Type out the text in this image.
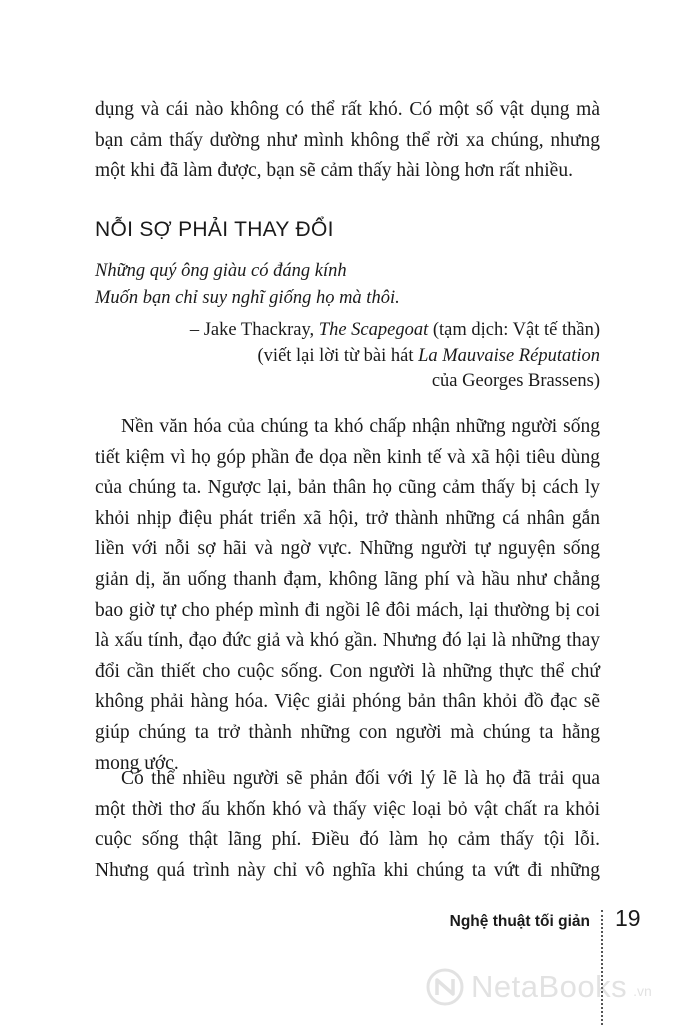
dụng và cái nào không có thể rất khó. Có một số vật dụng mà
bạn cảm thấy dường như mình không thể rời xa chúng, nhưng
một khi đã làm được, bạn sẽ cảm thấy hài lòng hơn rất nhiều.
NỖI SỢ PHẢI THAY ĐỔI
Những quý ông giàu có đáng kính
Muốn bạn chỉ suy nghĩ giống họ mà thôi.
– Jake Thackray, The Scapegoat (tạm dịch: Vật tế thần)
(viết lại lời từ bài hát La Mauvaise Réputation
của Georges Brassens)
Nền văn hóa của chúng ta khó chấp nhận những người sống
tiết kiệm vì họ góp phần đe dọa nền kinh tế và xã hội tiêu dùng
của chúng ta. Ngược lại, bản thân họ cũng cảm thấy bị cách ly
khỏi nhịp điệu phát triển xã hội, trở thành những cá nhân gắn
liền với nỗi sợ hãi và ngờ vực. Những người tự nguyện sống
giản dị, ăn uống thanh đạm, không lãng phí và hầu như chẳng
bao giờ tự cho phép mình đi ngồi lê đôi mách, lại thường bị coi
là xấu tính, đạo đức giả và khó gần. Nhưng đó lại là những thay
đổi cần thiết cho cuộc sống. Con người là những thực thể chứ
không phải hàng hóa. Việc giải phóng bản thân khỏi đồ đạc sẽ
giúp chúng ta trở thành những con người mà chúng ta hằng
mong ước.
Có thể nhiều người sẽ phản đối với lý lẽ là họ đã trải qua
một thời thơ ấu khốn khó và thấy việc loại bỏ vật chất ra khỏi
cuộc sống thật lãng phí. Điều đó làm họ cảm thấy tội lỗi.
Nhưng quá trình này chỉ vô nghĩa khi chúng ta vứt đi những
Nghệ thuật tối giản 19
NetaBooks .vn
